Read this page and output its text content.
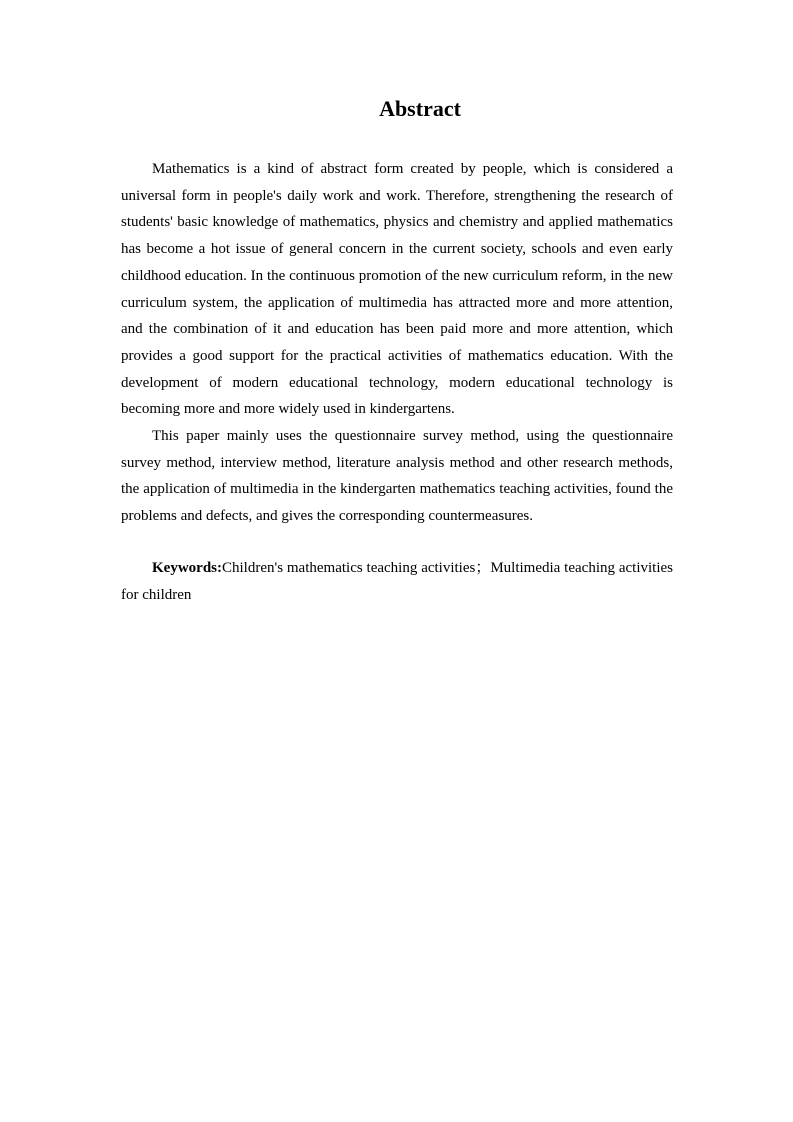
Abstract

Mathematics is a kind of abstract form created by people, which is considered a universal form in people's daily work and work. Therefore, strengthening the research of students' basic knowledge of mathematics, physics and chemistry and applied mathematics has become a hot issue of general concern in the current society, schools and even early childhood education. In the continuous promotion of the new curriculum reform, in the new curriculum system, the application of multimedia has attracted more and more attention, and the combination of it and education has been paid more and more attention, which provides a good support for the practical activities of mathematics education. With the development of modern educational technology, modern educational technology is becoming more and more widely used in kindergartens.

This paper mainly uses the questionnaire survey method, using the questionnaire survey method, interview method, literature analysis method and other research methods, the application of multimedia in the kindergarten mathematics teaching activities, found the problems and defects, and gives the corresponding countermeasures.

Keywords:Children's mathematics teaching activities；Multimedia teaching activities for children
